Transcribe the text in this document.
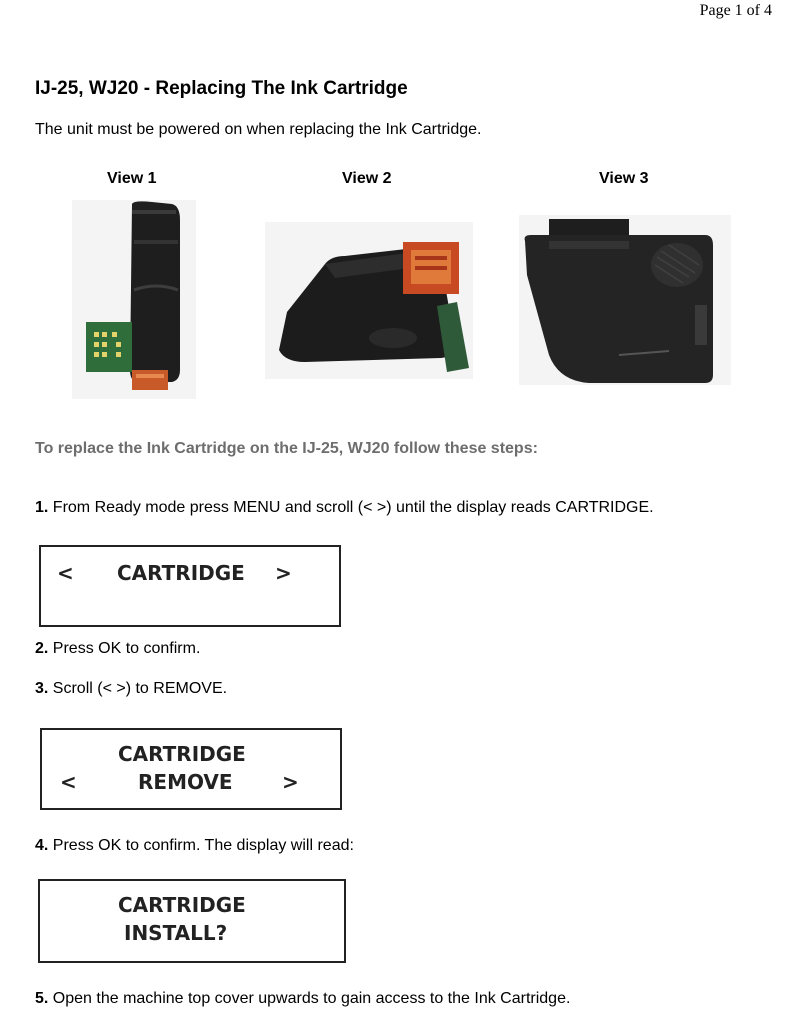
Page 1 of 4
IJ-25, WJ20 - Replacing The Ink Cartridge
The unit must be powered on when replacing the Ink Cartridge.
View 1	View 2	View 3
To replace the Ink Cartridge on the IJ-25, WJ20 follow these steps:
1. From Ready mode press MENU and scroll (< >) until the display reads CARTRIDGE.
< CARTRIDGE >
2. Press OK to confirm.
3. Scroll (< >) to REMOVE.
CARTRIDGE
<	REMOVE >
4. Press OK to confirm. The display will read:
CARTRIDGE
INSTALL?
5. Open the machine top cover upwards to gain access to the Ink Cartridge.
